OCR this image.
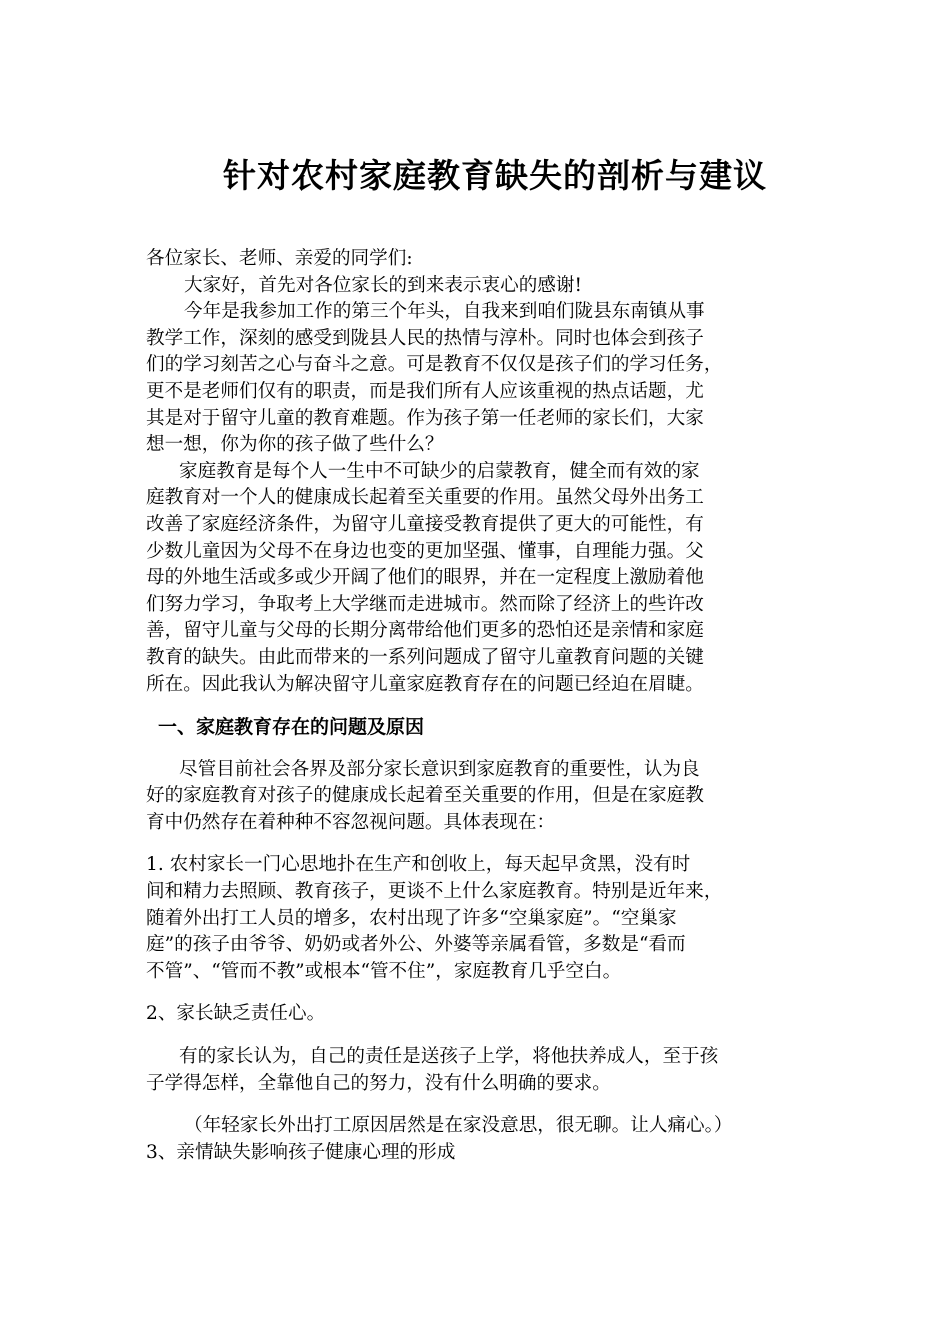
针对农村家庭教育缺失的剖析与建议
各位家长、老师、亲爱的同学们:
大家好，首先对各位家长的到来表示衷心的感谢!
今年是我参加工作的第三个年头，自我来到咱们陇县东南镇从事
教学工作，深刻的感受到陇县人民的热情与淳朴。同时也体会到孩子
们的学习刻苦之心与奋斗之意。可是教育不仅仅是孩子们的学习任务，
更不是老师们仅有的职责，而是我们所有人应该重视的热点话题，尤
其是对于留守儿童的教育难题。作为孩子第一任老师的家长们，大家
想一想，你为你的孩子做了些什么？
家庭教育是每个人一生中不可缺少的启蒙教育，健全而有效的家
庭教育对一个人的健康成长起着至关重要的作用。虽然父母外出务工
改善了家庭经济条件，为留守儿童接受教育提供了更大的可能性，有
少数儿童因为父母不在身边也变的更加坚强、懂事，自理能力强。父
母的外地生活或多或少开阔了他们的眼界，并在一定程度上激励着他
们努力学习，争取考上大学继而走进城市。然而除了经济上的些许改
善，留守儿童与父母的长期分离带给他们更多的恐怕还是亲情和家庭
教育的缺失。由此而带来的一系列问题成了留守儿童教育问题的关键
所在。因此我认为解决留守儿童家庭教育存在的问题已经迫在眉睫。
一、家庭教育存在的问题及原因
尽管目前社会各界及部分家长意识到家庭教育的重要性，认为良
好的家庭教育对孩子的健康成长起着至关重要的作用，但是在家庭教
育中仍然存在着种种不容忽视问题。具体表现在：
1. 农村家长一门心思地扑在生产和创收上，每天起早贪黑，没有时
间和精力去照顾、教育孩子，更谈不上什么家庭教育。特别是近年来，
随着外出打工人员的增多，农村出现了许多“空巢家庭”。“空巢家
庭”的孩子由爷爷、奶奶或者外公、外婆等亲属看管，多数是“看而
不管”、“管而不教”或根本“管不住”，家庭教育几乎空白。
2、家长缺乏责任心。
有的家长认为，自己的责任是送孩子上学，将他扶养成人，至于孩
子学得怎样，全靠他自己的努力，没有什么明确的要求。
（年轻家长外出打工原因居然是在家没意思，很无聊。让人痛心。）
3、亲情缺失影响孩子健康心理的形成
